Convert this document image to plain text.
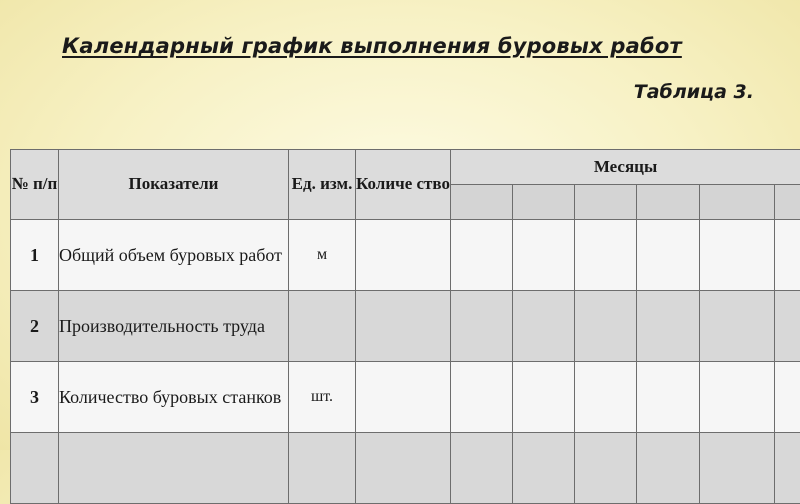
Календарный график выполнения буровых работ
Таблица 3.
№ п/п	Показатели	Ед. изм.	Количе ство	Месяцы					

1	Общий объем буровых работ	м							
2	Производительность труда								
3	Количество буровых станков	шт.							
